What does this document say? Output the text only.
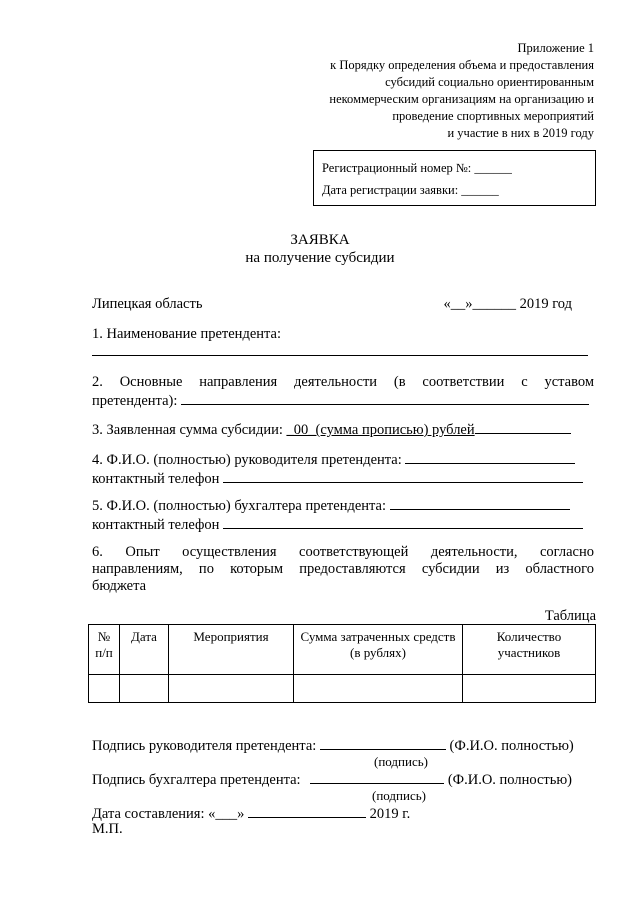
Приложение 1
к Порядку определения объема и предоставления
субсидий социально ориентированным
некоммерческим организациям на организацию и
проведение спортивных мероприятий
и участие в них в 2019 году
Регистрационный номер №: ______
Дата регистрации заявки: ______
ЗАЯВКА
на получение субсидии
Липецкая область	«__»______ 2019 год
1. Наименование претендента:
2. Основные направления деятельности (в соответствии с уставом
претендента):
3. Заявленная сумма субсидии: _00_(сумма прописью) рублей
4. Ф.И.О. (полностью) руководителя претендента:
контактный телефон
5. Ф.И.О. (полностью) бухгалтера претендента:
контактный телефон
6. Опыт осуществления соответствующей деятельности, согласно
направлениям, по которым предоставляются субсидии из областного
бюджета
Таблица
№ п/п	Дата	Мероприятия	Сумма затраченных средств (в рублях)	Количество участников

Подпись руководителя претендента:	(Ф.И.О. полностью)
(подпись)
Подпись бухгалтера претендента:	(Ф.И.О. полностью)
(подпись)
Дата составления: «___»	2019 г.
М.П.
